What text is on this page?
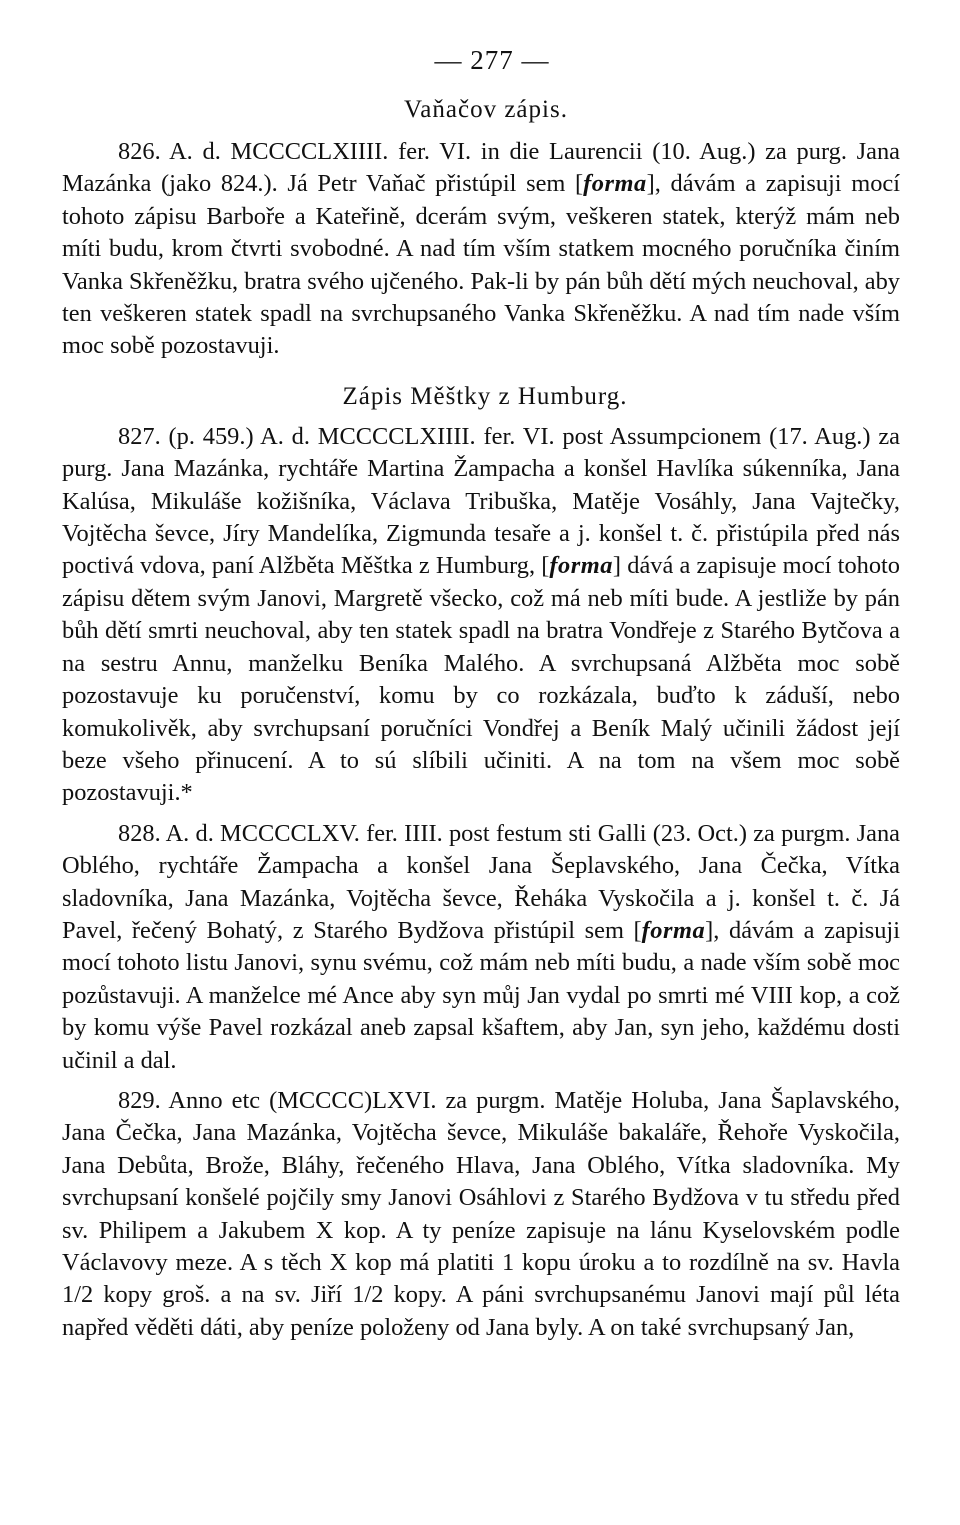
— 277 —
Vaňačov zápis.

826. A. d. MCCCCLXIIII. fer. VI. in die Laurencii (10. Aug.) za purg. Jana Mazánka (jako 824.). Já Petr Vaňač přistúpil sem [forma], dávám a zapisuji mocí tohoto zápisu Barboře a Kateřině, dcerám svým, veškeren statek, kterýž mám neb míti budu, krom čtvrti svobodné. A nad tím vším statkem mocného poručníka činím Vanka Skřeněžku, bratra svého ujčeného. Pak-li by pán bůh dětí mých neuchoval, aby ten veškeren statek spadl na svrchupsaného Vanka Skřeněžku. A nad tím nade vším moc sobě pozostavuji.

Zápis Měštky z Humburg.

827. (p. 459.) A. d. MCCCCLXIIII. fer. VI. post Assumpcionem (17. Aug.) za purg. Jana Mazánka, rychtáře Martina Žampacha a konšel Havlíka súkenníka, Jana Kalúsa, Mikuláše kožišníka, Václava Tribuška, Matěje Vosáhly, Jana Vajtečky, Vojtěcha ševce, Jíry Mandelíka, Zigmunda tesaře a j. konšel t. č. přistúpila před nás poctivá vdova, paní Alžběta Měštka z Humburg, [forma] dává a zapisuje mocí tohoto zápisu dětem svým Janovi, Margretě všecko, což má neb míti bude. A jestliže by pán bůh dětí smrti neuchoval, aby ten statek spadl na bratra Vondřeje z Starého Bytčova a na sestru Annu, manželku Beníka Malého. A svrchupsaná Alžběta moc sobě pozostavuje ku poručenství, komu by co rozkázala, buďto k záduší, nebo komukolivěk, aby svrchupsaní poručníci Vondřej a Beník Malý učinili žádost její beze všeho přinucení. A to sú slíbili učiniti. A na tom na všem moc sobě pozostavuji.*

828. A. d. MCCCCLXV. fer. IIII. post festum sti Galli (23. Oct.) za purgm. Jana Oblého, rychtáře Žampacha a konšel Jana Šeplavského, Jana Čečka, Vítka sladovníka, Jana Mazánka, Vojtěcha ševce, Řeháka Vyskočila a j. konšel t. č. Já Pavel, řečený Bohatý, z Starého Bydžova přistúpil sem [forma], dávám a zapisuji mocí tohoto listu Janovi, synu svému, což mám neb míti budu, a nade vším sobě moc pozůstavuji. A manželce mé Ance aby syn můj Jan vydal po smrti mé VIII kop, a což by komu výše Pavel rozkázal aneb zapsal kšaftem, aby Jan, syn jeho, každému dosti učinil a dal.

829. Anno etc (MCCCC)LXVI. za purgm. Matěje Holuba, Jana Šaplavského, Jana Čečka, Jana Mazánka, Vojtěcha ševce, Mikuláše bakaláře, Řehoře Vyskočila, Jana Debůta, Brože, Bláhy, řečeného Hlava, Jana Oblého, Vítka sladovníka. My svrchupsaní konšelé pojčily smy Janovi Osáhlovi z Starého Bydžova v tu středu před sv. Philipem a Jakubem X kop. A ty peníze zapisuje na lánu Kyselovském podle Václavovy meze. A s těch X kop má platiti 1 kopu úroku a to rozdílně na sv. Havla 1/2 kopy groš. a na sv. Jiří 1/2 kopy. A páni svrchupsanému Janovi mají půl léta napřed věděti dáti, aby peníze položeny od Jana byly. A on také svrchupsaný Jan,
